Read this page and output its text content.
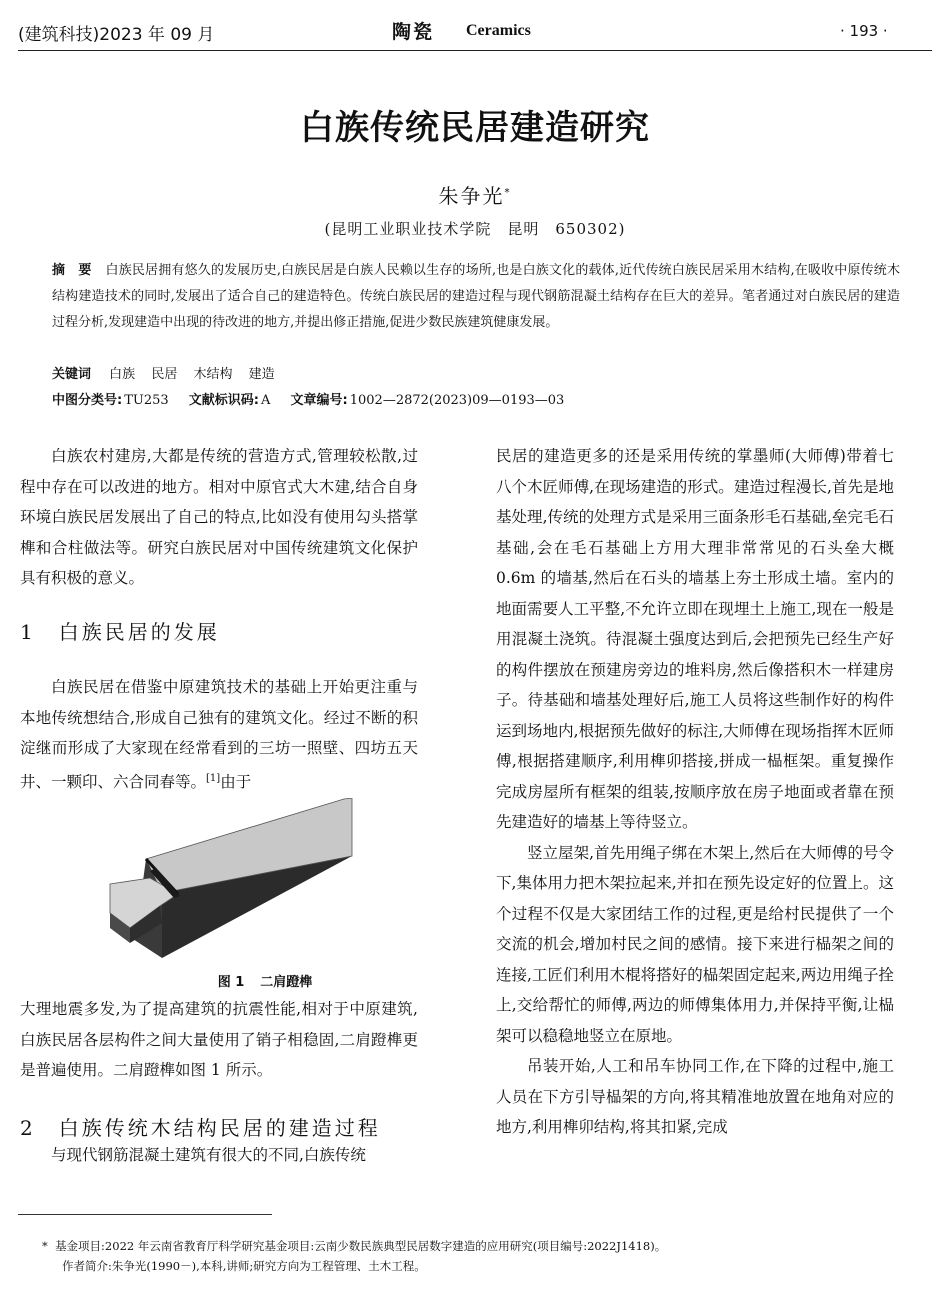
(建筑科技)2023 年 09 月	陶瓷 Ceramics	· 193 ·
白族传统民居建造研究
朱争光*
(昆明工业职业技术学院　昆明　650302)
摘　要 白族民居拥有悠久的发展历史,白族民居是白族人民赖以生存的场所,也是白族文化的载体,近代传统白族民居采用木结构,在吸收中原传统木结构建造技术的同时,发展出了适合自己的建造特色。传统白族民居的建造过程与现代钢筋混凝土结构存在巨大的差异。笔者通过对白族民居的建造过程分析,发现建造中出现的待改进的地方,并提出修正措施,促进少数民族建筑健康发展。
关键词 白族 民居 木结构 建造
中图分类号: TU253 文献标识码: A 文章编号: 1002—2872(2023)09—0193—03

白族农村建房,大都是传统的营造方式,管理较松散,过程中存在可以改进的地方。相对中原官式大木建,结合自身环境白族民居发展出了自己的特点,比如没有使用勾头搭掌榫和合柱做法等。研究白族民居对中国传统建筑文化保护具有积极的意义。

1　白族民居的发展

白族民居在借鉴中原建筑技术的基础上开始更注重与本地传统想结合,形成自己独有的建筑文化。经过不断的积淀继而形成了大家现在经常看到的三坊一照壁、四坊五天井、一颗印、六合同春等。[1]由于

图 1 二肩蹬榫

大理地震多发,为了提高建筑的抗震性能,相对于中原建筑,白族民居各层构件之间大量使用了销子相稳固,二肩蹬榫更是普遍使用。二肩蹬榫如图 1 所示。

2　白族传统木结构民居的建造过程

与现代钢筋混凝土建筑有很大的不同,白族传统

民居的建造更多的还是采用传统的掌墨师(大师傅)带着七八个木匠师傅,在现场建造的形式。建造过程漫长,首先是地基处理,传统的处理方式是采用三面条形毛石基础,垒完毛石基础,会在毛石基础上方用大理非常常见的石头垒大概 0.6m 的墙基,然后在石头的墙基上夯土形成土墙。室内的地面需要人工平整,不允许立即在现埋土上施工,现在一般是用混凝土浇筑。待混凝土强度达到后,会把预先已经生产好的构件摆放在预建房旁边的堆料房,然后像搭积木一样建房子。待基础和墙基处理好后,施工人员将这些制作好的构件运到场地内,根据预先做好的标注,大师傅在现场指挥木匠师傅,根据搭建顺序,利用榫卯搭接,拼成一榀框架。重复操作完成房屋所有框架的组装,按顺序放在房子地面或者靠在预先建造好的墙基上等待竖立。

竖立屋架,首先用绳子绑在木架上,然后在大师傅的号令下,集体用力把木架拉起来,并扣在预先设定好的位置上。这个过程不仅是大家团结工作的过程,更是给村民提供了一个交流的机会,增加村民之间的感情。接下来进行榀架之间的连接,工匠们利用木棍将搭好的榀架固定起来,两边用绳子拴上,交给帮忙的师傅,两边的师傅集体用力,并保持平衡,让榀架可以稳稳地竖立在原地。

吊装开始,人工和吊车协同工作,在下降的过程中,施工人员在下方引导榀架的方向,将其精准地放置在地角对应的地方,利用榫卯结构,将其扣紧,完成

* 基金项目:2022 年云南省教育厅科学研究基金项目:云南少数民族典型民居数字建造的应用研究(项目编号:2022J1418)。
作者简介:朱争光(1990－),本科,讲师;研究方向为工程管理、土木工程。
